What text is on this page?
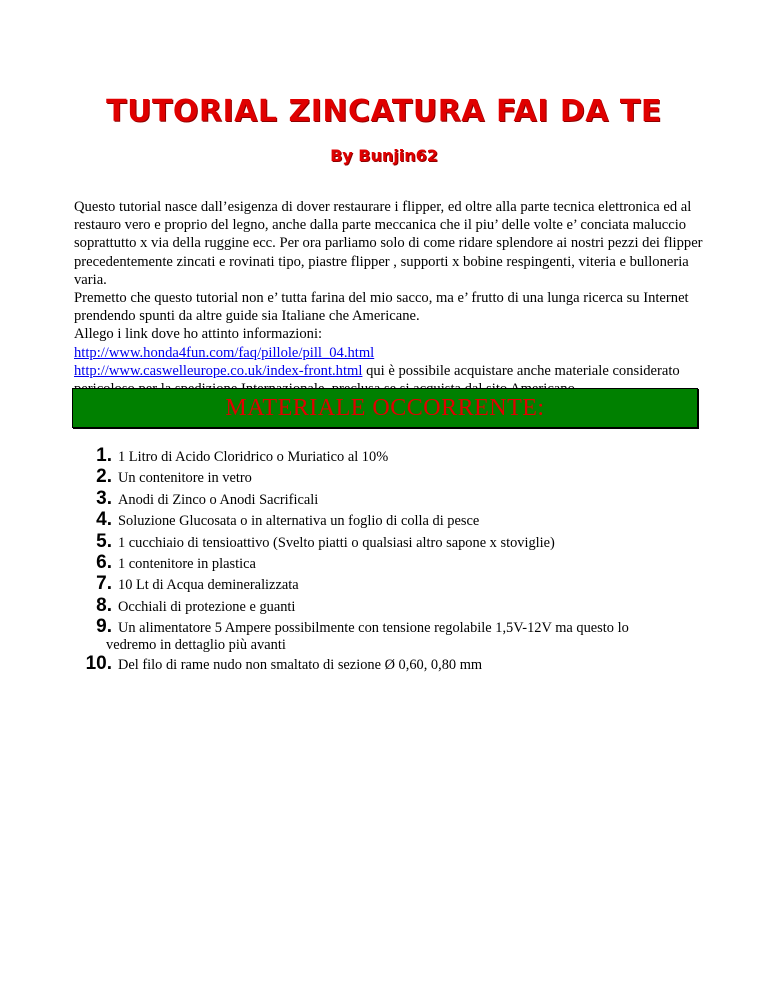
TUTORIAL ZINCATURA FAI DA TE
By Bunjin62

Questo tutorial nasce dall’esigenza di dover restaurare i flipper, ed oltre alla parte tecnica elettronica ed al restauro vero e proprio del legno, anche dalla parte meccanica che il piu’ delle volte e’ conciata maluccio soprattutto x via della ruggine ecc. Per ora parliamo solo di come ridare splendore ai nostri pezzi dei flipper precedentemente zincati e rovinati tipo, piastre flipper , supporti x bobine respingenti, viteria e bulloneria varia.

Premetto che questo tutorial non e’ tutta farina del mio sacco, ma e’ frutto di una lunga ricerca su Internet prendendo spunti da altre guide sia Italiane che Americane.

Allego i link dove ho attinto informazioni:

http://www.honda4fun.com/faq/pillole/pill_04.html

http://www.caswelleurope.co.uk/index-front.html qui è possibile acquistare anche materiale considerato

MATERIALE OCCORRENTE:
1. 1 Litro di Acido Cloridrico o Muriatico al 10%
2. Un contenitore in vetro
3. Anodi di Zinco o Anodi Sacrificali
4. Soluzione Glucosata o in alternativa un foglio di colla di pesce
5. 1 cucchiaio di tensioattivo (Svelto piatti o qualsiasi altro sapone x stoviglie)
6. 1 contenitore in plastica
7. 10 Lt di Acqua demineralizzata
8. Occhiali di protezione e guanti
9. Un alimentatore 5 Ampere possibilmente con tensione regolabile 1,5V-12V ma questo lo
vedremo in dettaglio più avanti
10. Del filo di rame nudo non smaltato di sezione Ø 0,60, 0,80 mm
